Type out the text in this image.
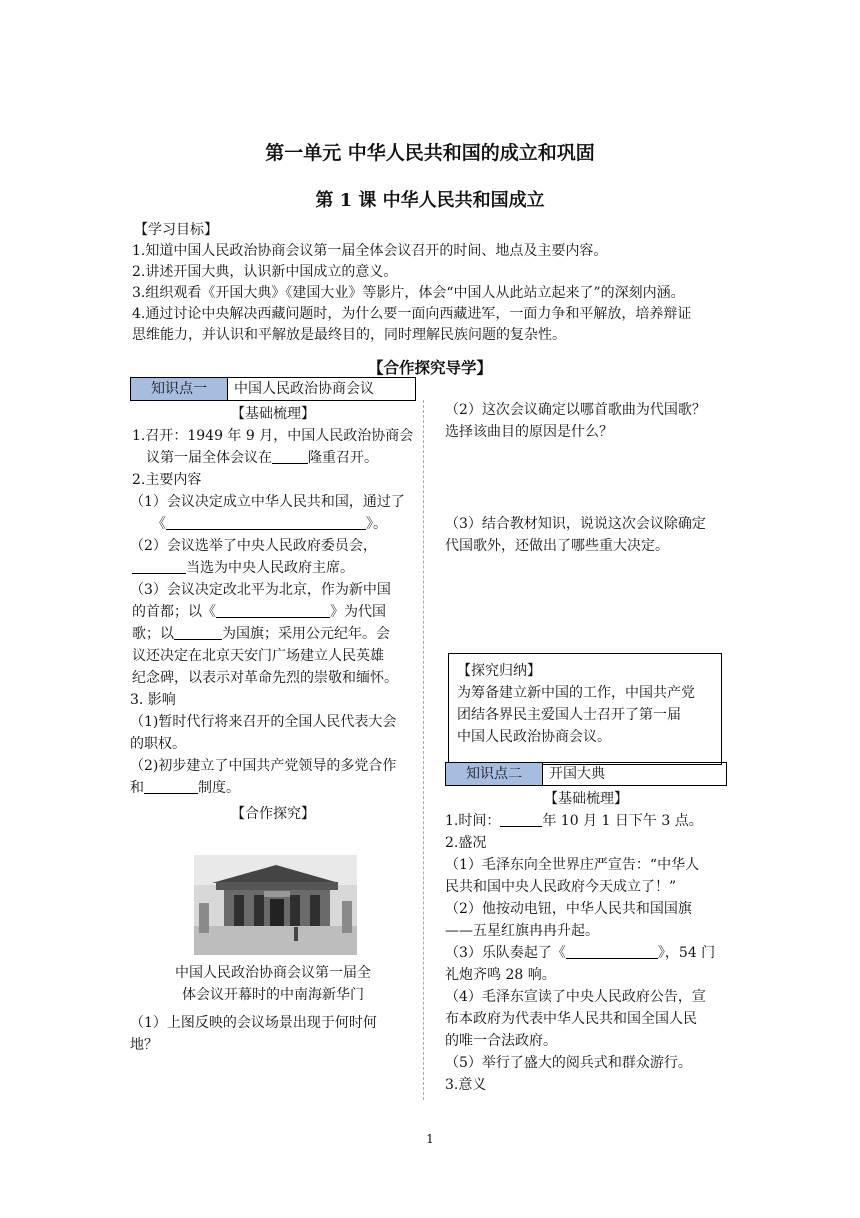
第一单元 中华人民共和国的成立和巩固
第 1 课 中华人民共和国成立
【学习目标】
1.知道中国人民政治协商会议第一届全体会议召开的时间、地点及主要内容。
2.讲述开国大典，认识新中国成立的意义。
3.组织观看《开国大典》《建国大业》等影片，体会“中国人从此站立起来了”的深刻内涵。
4.通过讨论中央解决西藏问题时，为什么要一面向西藏进军，一面力争和平解放，培养辩证
思维能力，并认识和平解放是最终目的，同时理解民族问题的复杂性。
【合作探究导学】
知识点一	中国人民政治协商会议
【基础梳理】
1.召开：1949 年 9 月，中国人民政治协商会
议第一届全体会议在	隆重召开。
2.主要内容
（1）会议决定成立中华人民共和国，通过了
《	》。
（2）会议选举了中央人民政府委员会，
当选为中央人民政府主席。
（3）会议决定改北平为北京，作为新中国
的首都；以《	》为代国
歌；以	为国旗；采用公元纪年。会
议还决定在北京天安门广场建立人民英雄
纪念碑，以表示对革命先烈的崇敬和缅怀。
3. 影响
（1)暂时代行将来召开的全国人民代表大会
的职权。
（2)初步建立了中国共产党领导的多党合作
和	制度。
【合作探究】
中国人民政治协商会议第一届全
体会议开幕时的中南海新华门
（1）上图反映的会议场景出现于何时何
地？
（2）这次会议确定以哪首歌曲为代国歌？
选择该曲目的原因是什么？
（3）结合教材知识，说说这次会议除确定
代国歌外，还做出了哪些重大决定。
【探究归纳】
为筹备建立新中国的工作，中国共产党
团结各界民主爱国人士召开了第一届
中国人民政治协商会议。
知识点二	开国大典
【基础梳理】
1.时间：	年 10 月 1 日下午 3 点。
2.盛况
（1）毛泽东向全世界庄严宣告：“中华人
民共和国中央人民政府今天成立了！”
（2）他按动电钮，中华人民共和国国旗
——五星红旗冉冉升起。
（3）乐队奏起了《	》，54 门
礼炮齐鸣 28 响。
（4）毛泽东宣读了中央人民政府公告，宣
布本政府为代表中华人民共和国全国人民
的唯一合法政府。
（5）举行了盛大的阅兵式和群众游行。
3.意义
1
